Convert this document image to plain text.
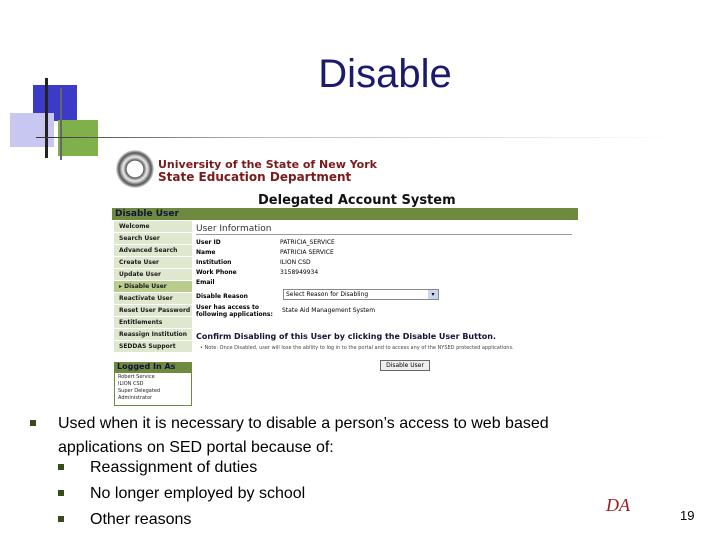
Disable
University of the State of New York
State Education Department
Delegated Account System
Disable User
Welcome
Search User
Advanced Search
Create User
Update User
▸ Disable User
Reactivate User
Reset User Password
Entitlements
Reassign Institution
SEDDAS Support
Logged In As
Robert Service
ILION CSD
Super Delegated
Administrator
User Information
User ID	PATRICIA_SERVICE
Name	PATRICIA SERVICE
Institution	ILION CSD
Work Phone	3158949934
Email
Disable Reason	Select Reason for Disabling	▾
User has access to
following applications:
State Aid Management System
Confirm Disabling of this User by clicking the Disable User Button.
• Note: Once Disabled, user will lose the ability to log in to the portal and to access any of the NYSED protected applications.
Disable User
Used when it is necessary to disable a person’s access to web based
applications on SED portal because of:
Reassignment of duties
No longer employed by school
Other reasons
DA
19
